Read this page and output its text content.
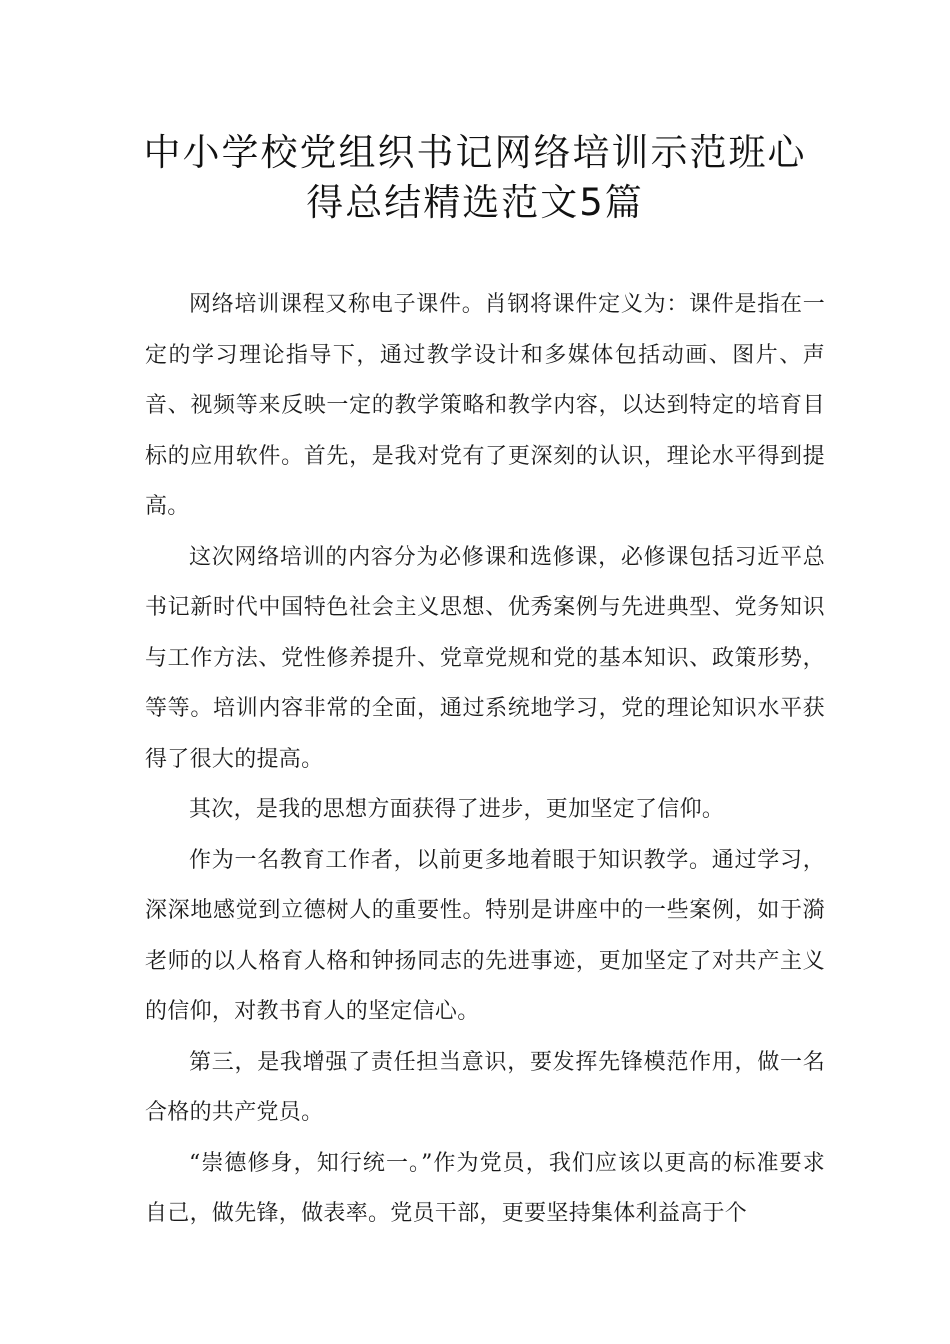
中小学校党组织书记网络培训示范班心
得总结精选范文5篇

网络培训课程又称电子课件。肖钢将课件定义为：课件是指在一定的学习理论指导下，通过教学设计和多媒体包括动画、图片、声音、视频等来反映一定的教学策略和教学内容，以达到特定的培育目标的应用软件。首先，是我对党有了更深刻的认识，理论水平得到提高。

这次网络培训的内容分为必修课和选修课，必修课包括习近平总书记新时代中国特色社会主义思想、优秀案例与先进典型、党务知识与工作方法、党性修养提升、党章党规和党的基本知识、政策形势，等等。培训内容非常的全面，通过系统地学习，党的理论知识水平获得了很大的提高。

其次，是我的思想方面获得了进步，更加坚定了信仰。

作为一名教育工作者，以前更多地着眼于知识教学。通过学习，深深地感觉到立德树人的重要性。特别是讲座中的一些案例，如于漪老师的以人格育人格和钟扬同志的先进事迹，更加坚定了对共产主义的信仰，对教书育人的坚定信心。

第三，是我增强了责任担当意识，要发挥先锋模范作用，做一名合格的共产党员。

“崇德修身，知行统一。”作为党员，我们应该以更高的标准要求自己，做先锋，做表率。党员干部，更要坚持集体利益高于个
